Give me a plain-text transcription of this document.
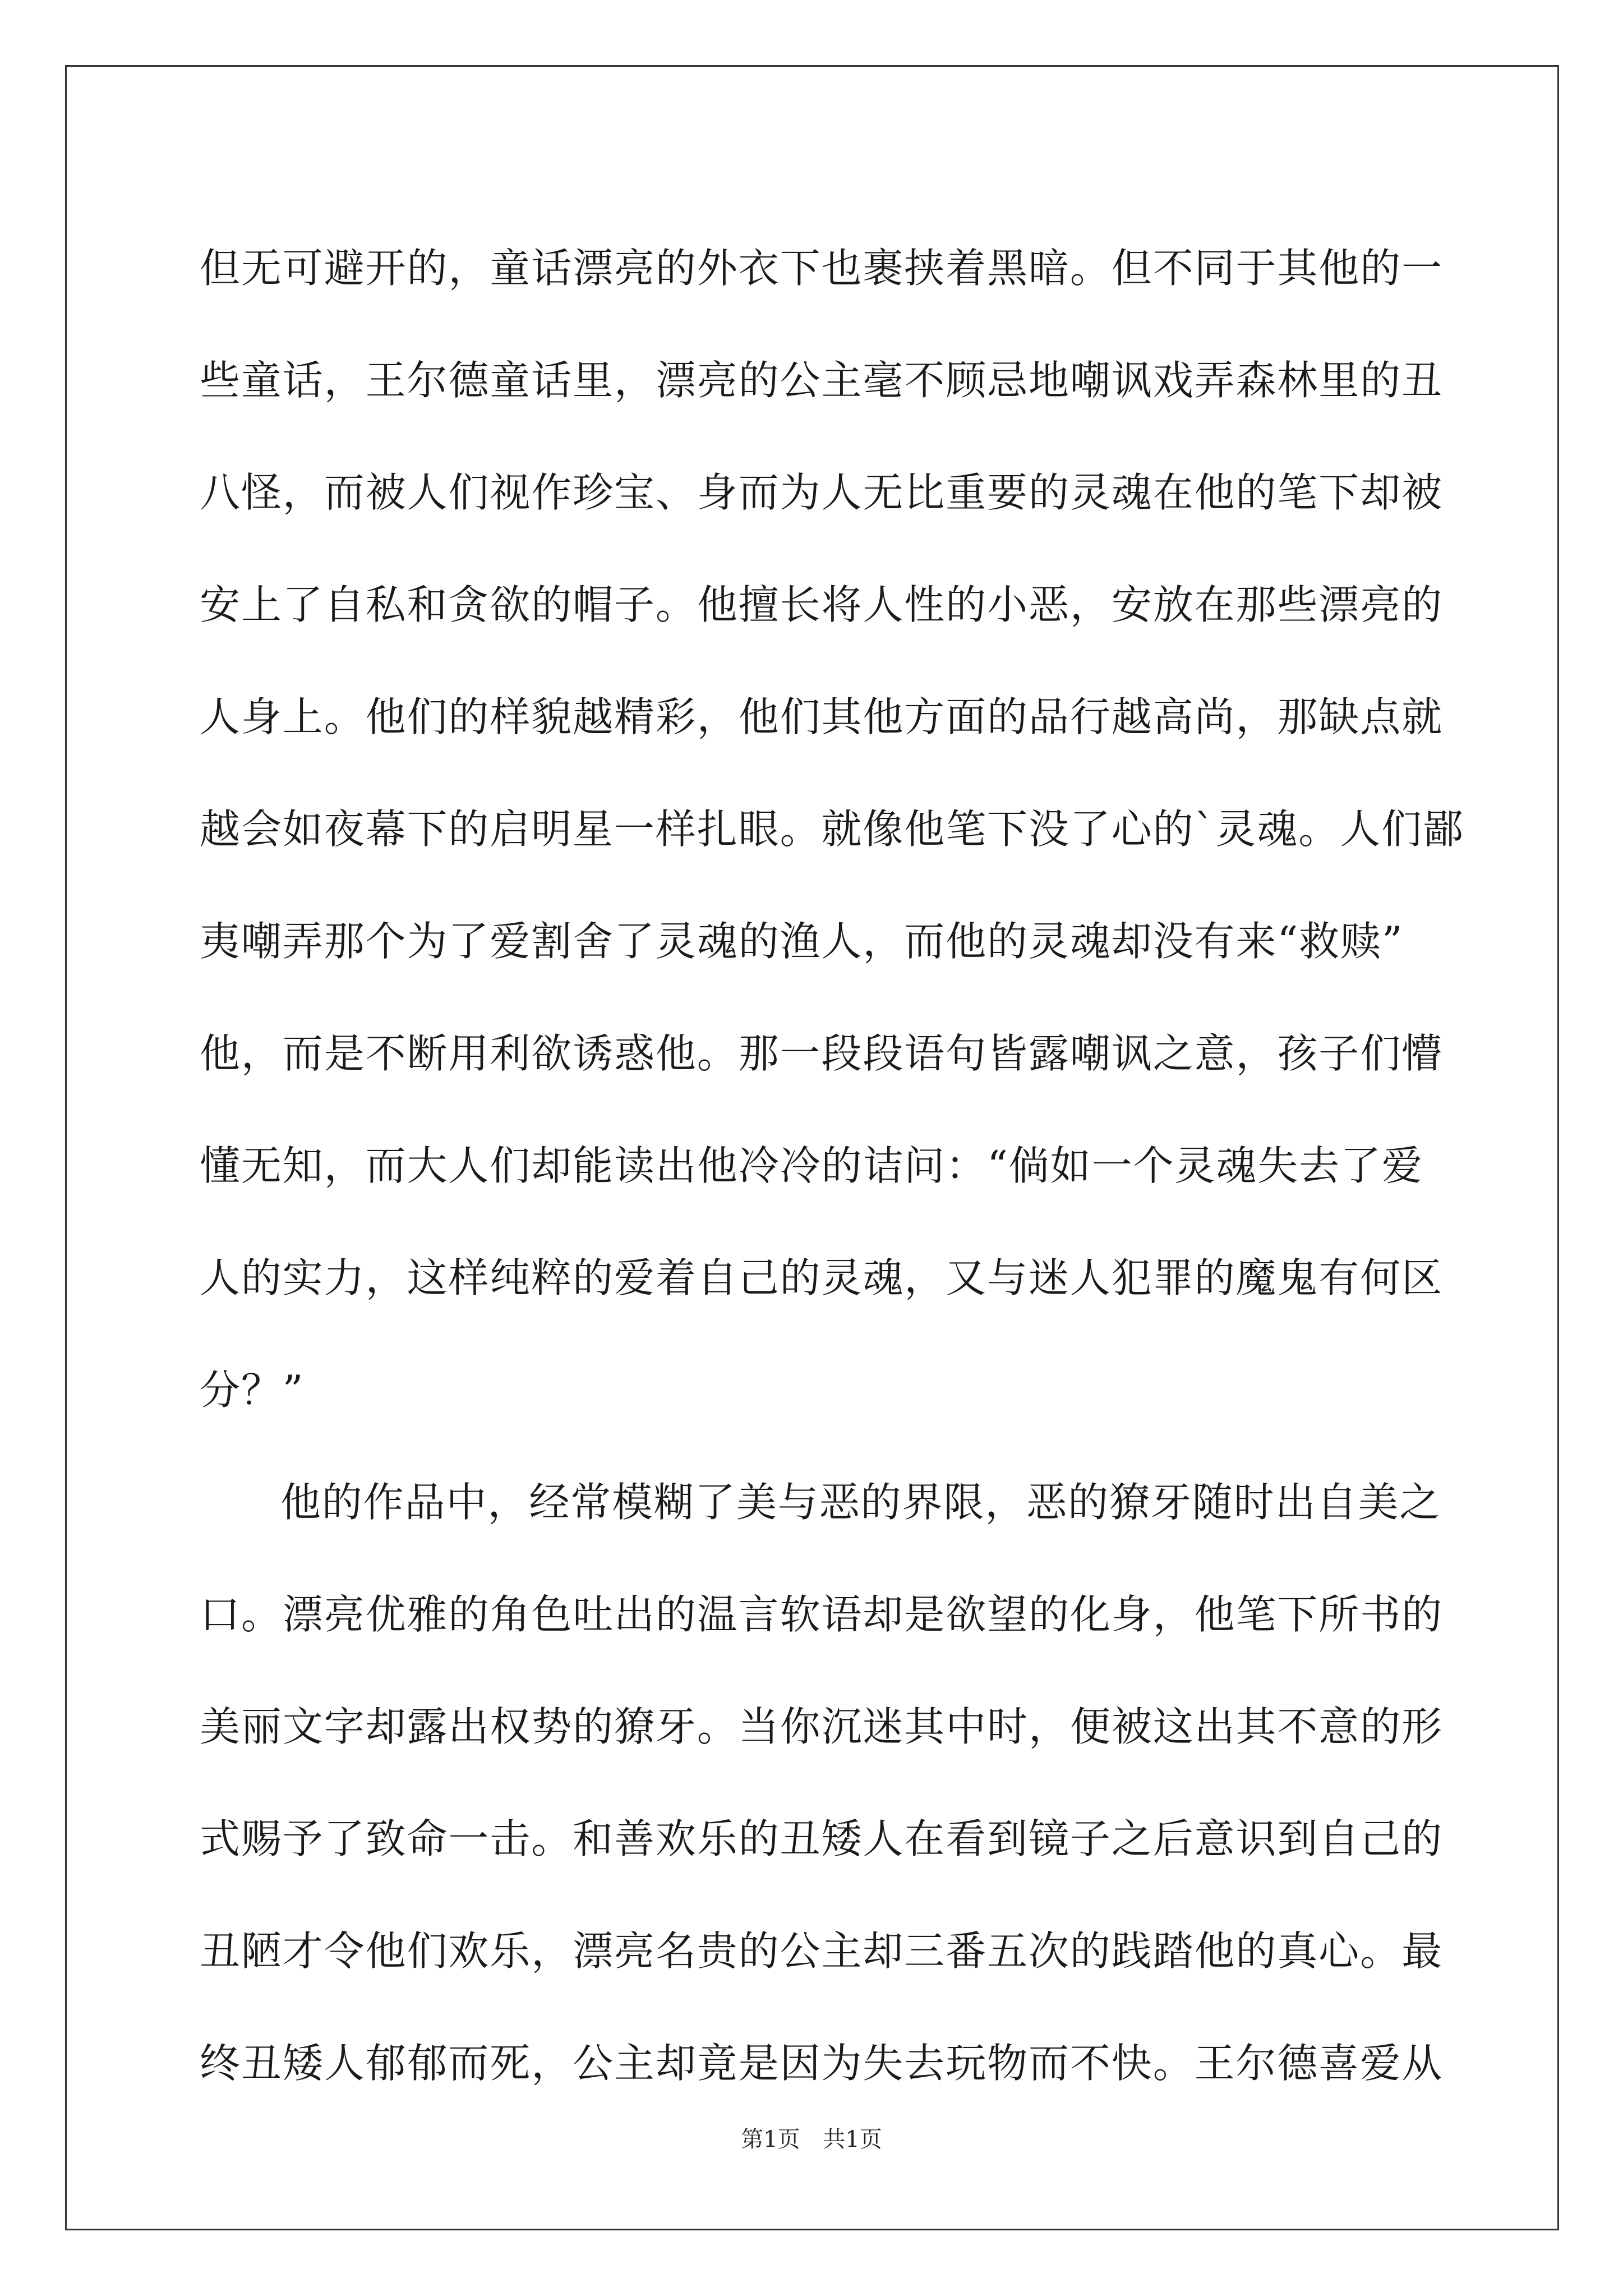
但无可避开的，童话漂亮的外衣下也裹挟着黑暗。但不同于其他的一
些童话，王尔德童话里，漂亮的公主毫不顾忌地嘲讽戏弄森林里的丑
八怪，而被人们视作珍宝、身而为人无比重要的灵魂在他的笔下却被
安上了自私和贪欲的帽子。他擅长将人性的小恶，安放在那些漂亮的
人身上。他们的样貌越精彩，他们其他方面的品行越高尚，那缺点就
越会如夜幕下的启明星一样扎眼。就像他笔下没了心的`灵魂。人们鄙
夷嘲弄那个为了爱割舍了灵魂的渔人，而他的灵魂却没有来“救赎”
他，而是不断用利欲诱惑他。那一段段语句皆露嘲讽之意，孩子们懵
懂无知，而大人们却能读出他冷冷的诘问：“倘如一个灵魂失去了爱
人的实力，这样纯粹的爱着自己的灵魂，又与迷人犯罪的魔鬼有何区
分？”
他的作品中，经常模糊了美与恶的界限，恶的獠牙随时出自美之
口。漂亮优雅的角色吐出的温言软语却是欲望的化身，他笔下所书的
美丽文字却露出权势的獠牙。当你沉迷其中时，便被这出其不意的形
式赐予了致命一击。和善欢乐的丑矮人在看到镜子之后意识到自己的
丑陋才令他们欢乐，漂亮名贵的公主却三番五次的践踏他的真心。最
终丑矮人郁郁而死，公主却竟是因为失去玩物而不快。王尔德喜爱从
第1页 共1页
